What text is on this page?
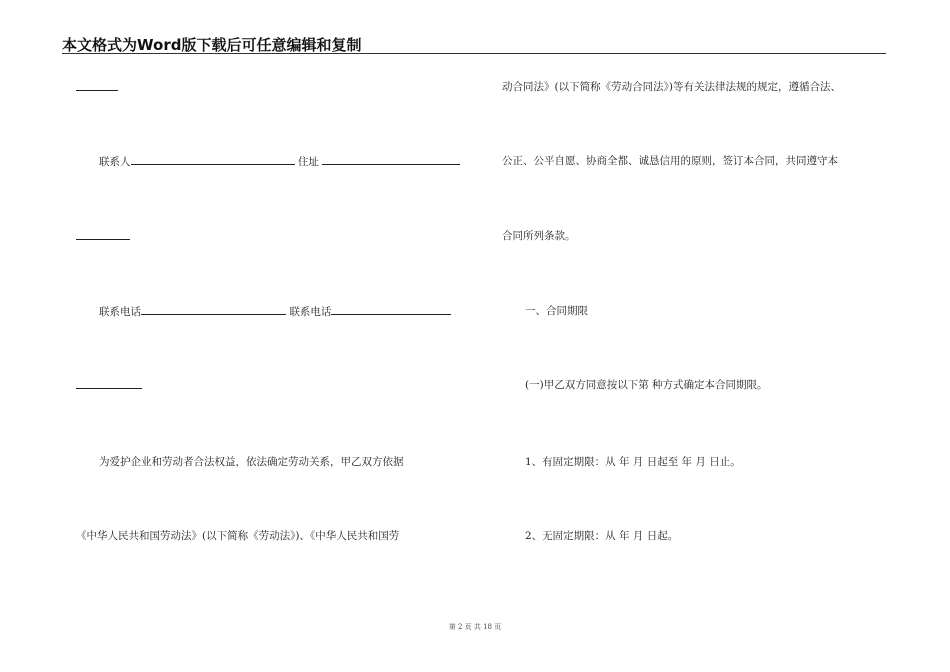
本文格式为Word版下载后可任意编辑和复制
联系人	住址
联系电话	联系电话
为爱护企业和劳动者合法权益，依法确定劳动关系，甲乙双方依据
《中华人民共和国劳动法》(以下简称《劳动法》)、《中华人民共和国劳
动合同法》(以下简称《劳动合同法》)等有关法律法规的规定，遵循合法、
公正、公平自愿、协商全都、诚恳信用的原则，签订本合同，共同遵守本
合同所列条款。
一、合同期限
(一)甲乙双方同意按以下第 种方式确定本合同期限。
1、有固定期限：从 年 月 日起至 年 月 日止。
2、无固定期限：从 年 月 日起。
第 2 页 共 18 页
